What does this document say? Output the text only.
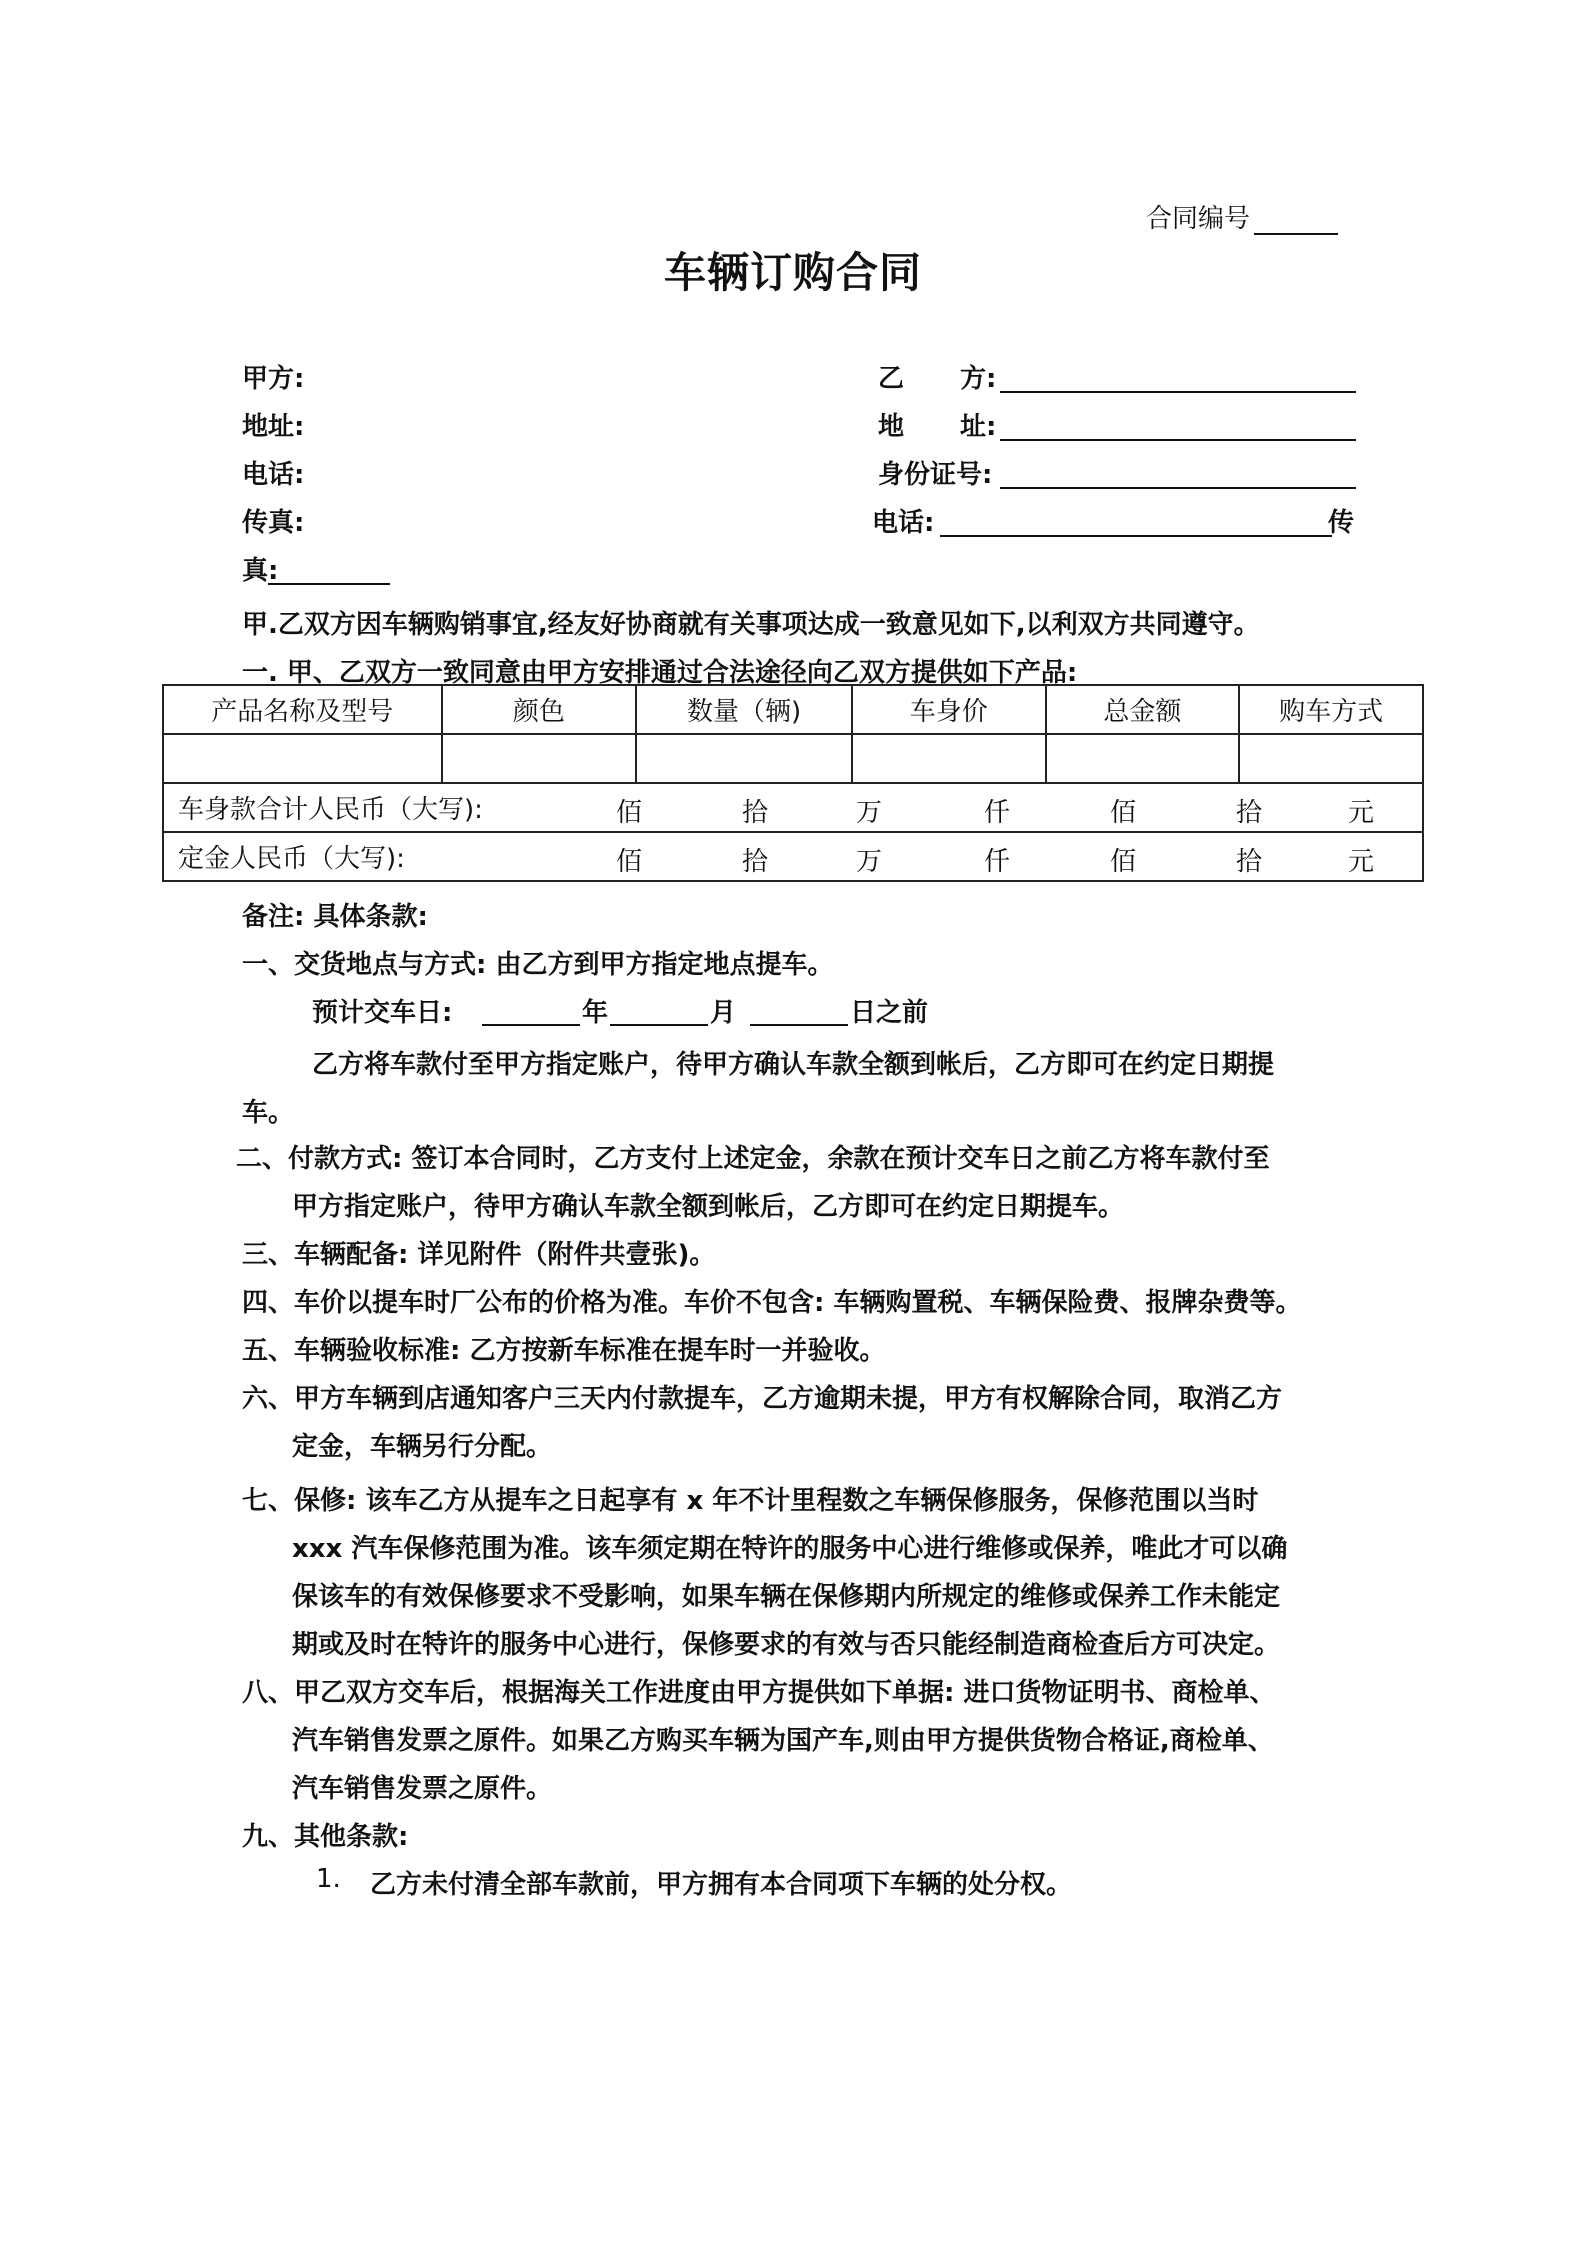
合同编号
车辆订购合同
甲方:
地址:
电话:
传真:
乙 方:
地 址:
身份证号:
电话:	传
真:
甲.乙双方因车辆购销事宜,经友好协商就有关事项达成一致意见如下,以利双方共同遵守。
一. 甲、乙双方一致同意由甲方安排通过合法途径向乙双方提供如下产品:
产品名称及型号	颜色	数量（辆)	车身价	总金额	购车方式

车身款合计人民币（大写):	佰	拾	万	仟	佰	拾	元

定金人民币（大写):	佰	拾	万	仟	佰	拾	元
备注: 具体条款:
一、交货地点与方式: 由乙方到甲方指定地点提车。
预计交车日:	年	月	日之前
乙方将车款付至甲方指定账户，待甲方确认车款全额到帐后，乙方即可在约定日期提
车。
二、付款方式: 签订本合同时，乙方支付上述定金，余款在预计交车日之前乙方将车款付至
甲方指定账户，待甲方确认车款全额到帐后，乙方即可在约定日期提车。
三、车辆配备: 详见附件（附件共壹张)。
四、车价以提车时厂公布的价格为准。车价不包含: 车辆购置税、车辆保险费、报牌杂费等。
五、车辆验收标准: 乙方按新车标准在提车时一并验收。
六、甲方车辆到店通知客户三天内付款提车，乙方逾期未提，甲方有权解除合同，取消乙方
定金，车辆另行分配。
七、保修: 该车乙方从提车之日起享有 x 年不计里程数之车辆保修服务，保修范围以当时
xxx 汽车保修范围为准。该车须定期在特许的服务中心进行维修或保养，唯此才可以确
保该车的有效保修要求不受影响，如果车辆在保修期内所规定的维修或保养工作未能定
期或及时在特许的服务中心进行，保修要求的有效与否只能经制造商检查后方可决定。
八、甲乙双方交车后，根据海关工作进度由甲方提供如下单据: 进口货物证明书、商检单、
汽车销售发票之原件。如果乙方购买车辆为国产车,则由甲方提供货物合格证,商检单、
汽车销售发票之原件。
九、其他条款:
1. 乙方未付清全部车款前，甲方拥有本合同项下车辆的处分权。
